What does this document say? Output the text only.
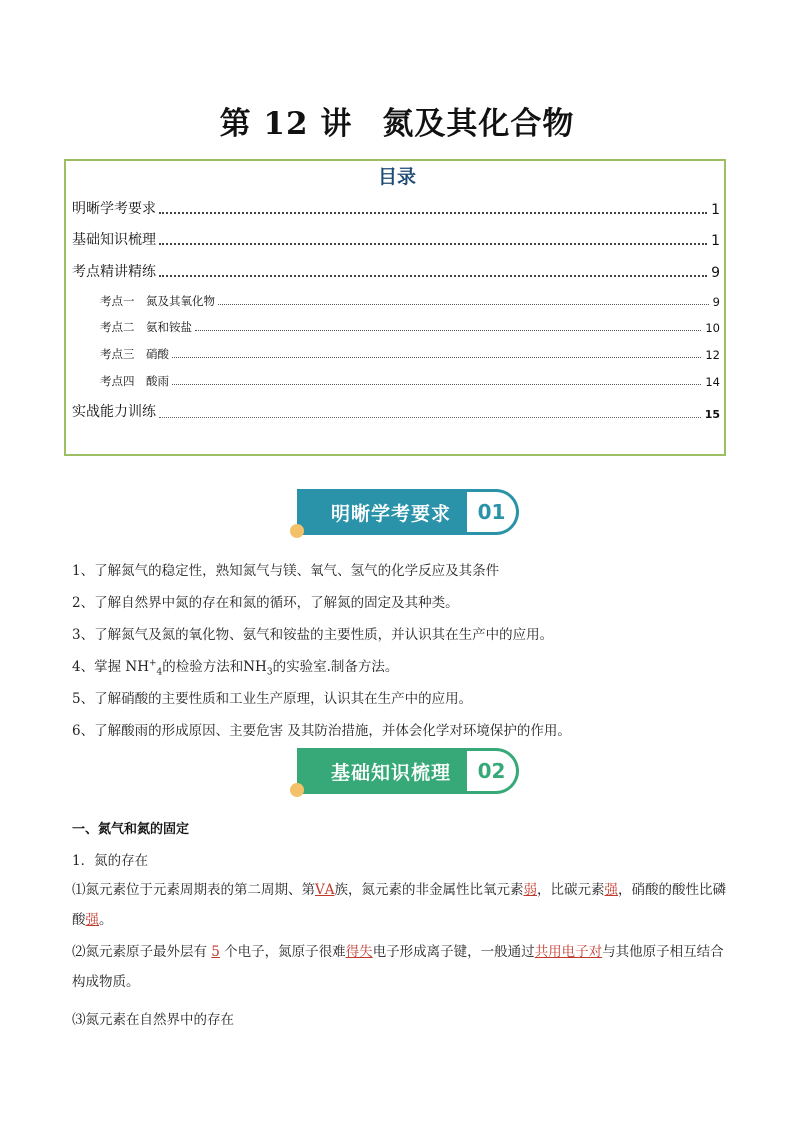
第 12 讲 氮及其化合物
目录
明晰学考要求	1
基础知识梳理	1
考点精讲精练	9
考点一　氮及其氧化物	9
考点二　氨和铵盐	10
考点三　硝酸	12
考点四　酸雨	14
实战能力训练	15
明晰学考要求	01
1、了解氮气的稳定性，熟知氮气与镁、氧气、氢气的化学反应及其条件
2、了解自然界中氮的存在和氮的循环，了解氮的固定及其种类。
3、了解氮气及氮的氧化物、氨气和铵盐的主要性质，并认识其在生产中的应用。
4、掌握 $NH^+_4$的检验方法和$NH_3$的实验室.制备方法。
5、了解硝酸的主要性质和工业生产原理，认识其在生产中的应用。
6、了解酸雨的形成原因、主要危害 及其防治措施，并体会化学对环境保护的作用。
基础知识梳理	02
一、氮气和氮的固定
1．氮的存在
⑴氮元素位于元素周期表的第二周期、第ⅤA族，氮元素的非金属性比氧元素弱，比碳元素强，硝酸的酸性比磷酸强。
⑵氮元素原子最外层有 5 个电子，氮原子很难得失电子形成离子键，一般通过共用电子对与其他原子相互结合构成物质。
⑶氮元素在自然界中的存在
